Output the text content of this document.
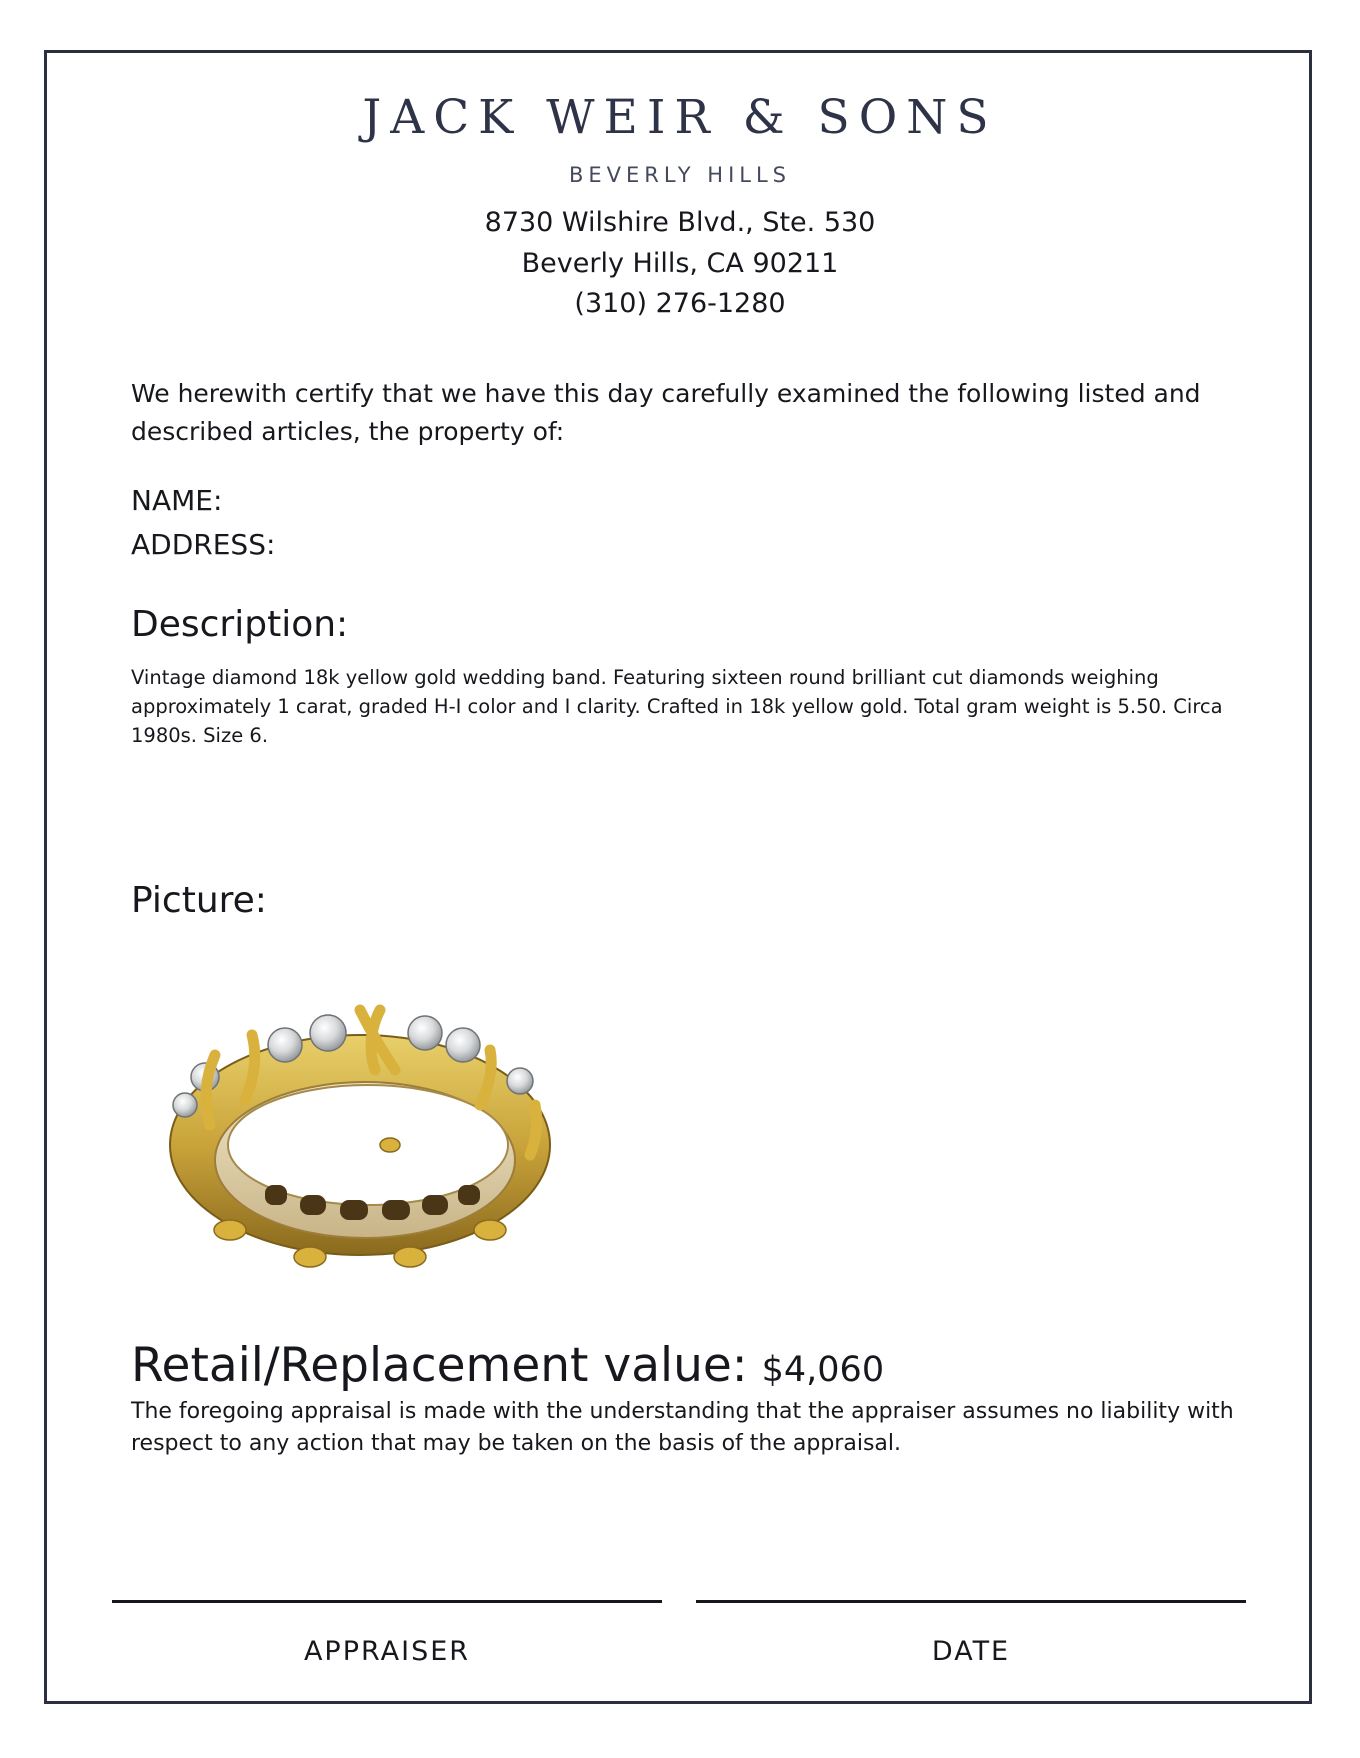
JACK WEIR & SONS
BEVERLY HILLS
8730 Wilshire Blvd., Ste. 530
Beverly Hills, CA 90211
(310) 276-1280
We herewith certify that we have this day carefully examined the following listed and described articles, the property of:
NAME:
ADDRESS:
Description:
Vintage diamond 18k yellow gold wedding band. Featuring sixteen round brilliant cut diamonds weighing approximately 1 carat, graded H-I color and I clarity. Crafted in 18k yellow gold. Total gram weight is 5.50. Circa 1980s. Size 6.
Picture:
Retail/Replacement value: $4,060
The foregoing appraisal is made with the understanding that the appraiser assumes no liability with respect to any action that may be taken on the basis of the appraisal.
APPRAISER	DATE
